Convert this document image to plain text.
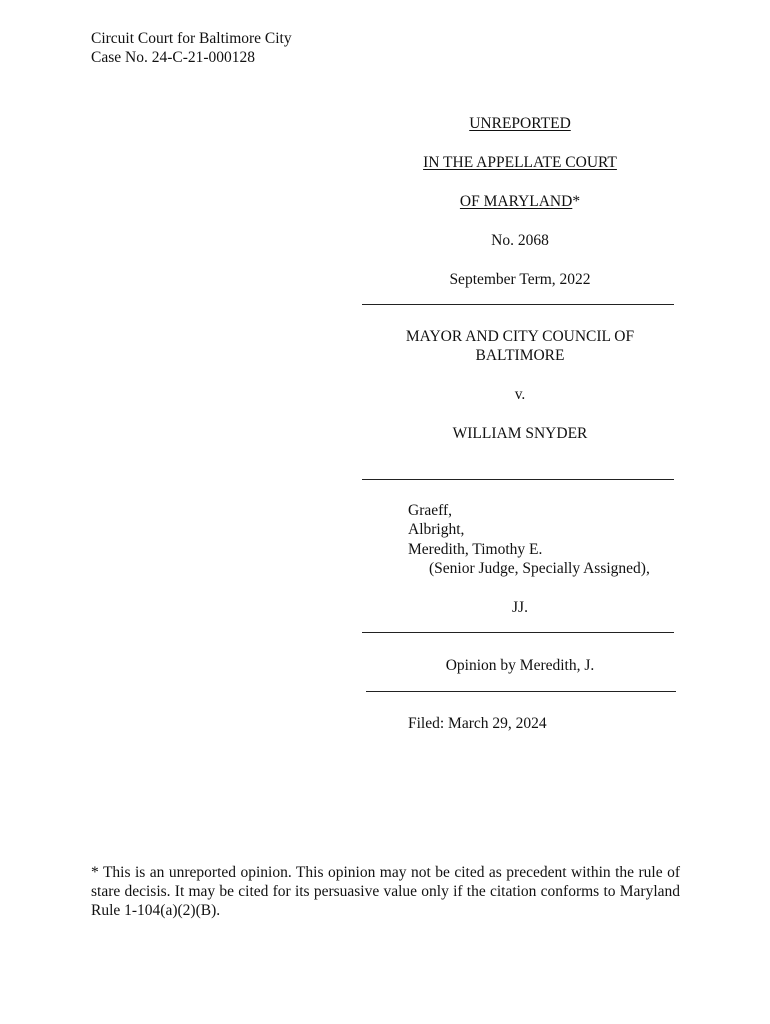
Circuit Court for Baltimore City
Case No. 24-C-21-000128
UNREPORTED
IN THE APPELLATE COURT
OF MARYLAND*
No. 2068
September Term, 2022
MAYOR AND CITY COUNCIL OF
BALTIMORE
v.
WILLIAM SNYDER
Graeff,
Albright,
Meredith, Timothy E.
(Senior Judge, Specially Assigned),
JJ.
Opinion by Meredith, J.
Filed: March 29, 2024
* This is an unreported opinion. This opinion may not be cited as precedent within the rule of stare decisis. It may be cited for its persuasive value only if the citation conforms to Maryland Rule 1-104(a)(2)(B).
